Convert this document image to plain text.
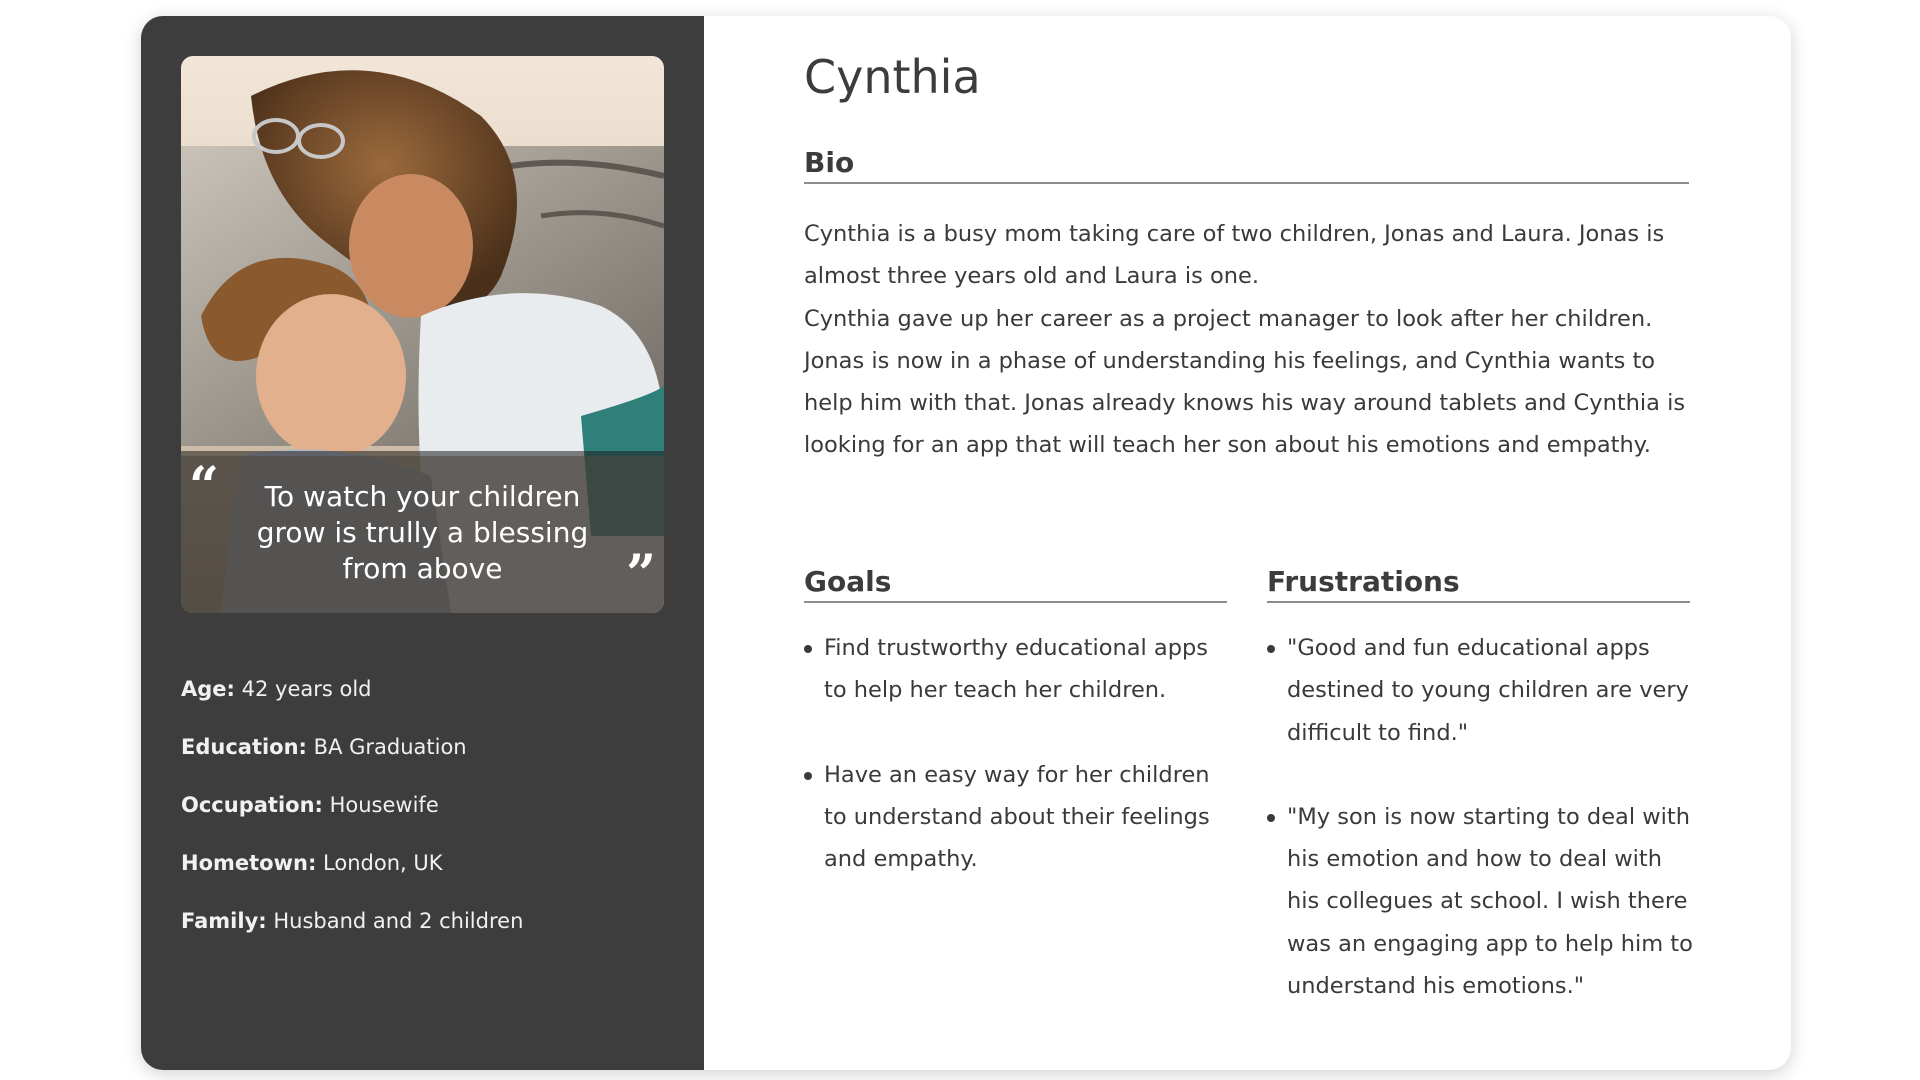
“	To watch your children grow is trully a blessing from above	”
Age: 42 years old
Education: BA Graduation
Occupation: Housewife
Hometown: London, UK
Family: Husband and 2 children
Cynthia
Bio

Cynthia is a busy mom taking care of two children, Jonas and Laura. Jonas is almost three years old and Laura is one.

Cynthia gave up her career as a project manager to look after her children. Jonas is now in a phase of understanding his feelings, and Cynthia wants to help him with that. Jonas already knows his way around tablets and Cynthia is looking for an app that will teach her son about his emotions and empathy.

Goals
Find trustworthy educational apps to help her teach her children.
Have an easy way for her children to understand about their feelings and empathy.
Frustrations
"Good and fun educational apps destined to young children are very difficult to find."
"My son is now starting to deal with his emotion and how to deal with his collegues at school. I wish there was an engaging app to help him to understand his emotions."
